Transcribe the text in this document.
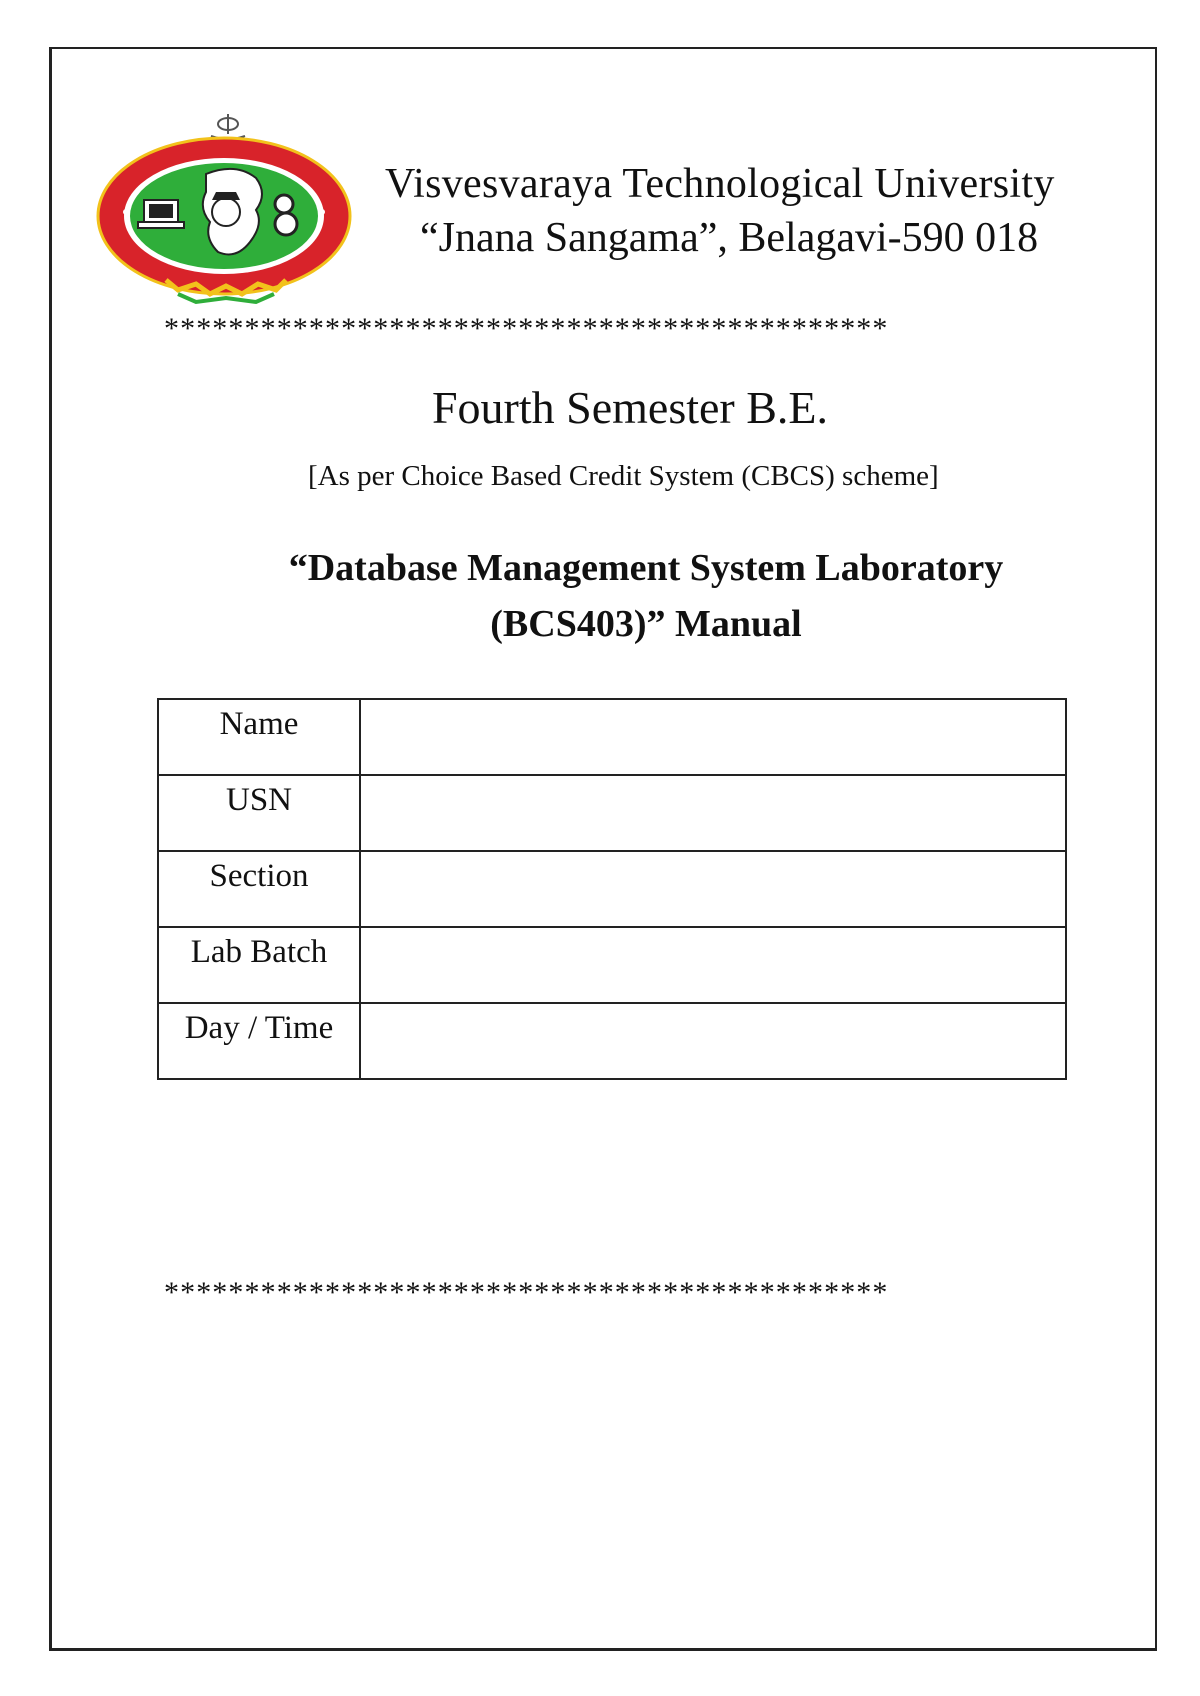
Visvesvaraya Technological University
“Jnana Sangama”, Belagavi-590 018
*********************************************
Fourth Semester B.E.
[As per Choice Based Credit System (CBCS) scheme]
“Database Management System Laboratory
(BCS403)” Manual
Name	
USN	
Section	
Lab Batch	
Day / Time	
*********************************************
